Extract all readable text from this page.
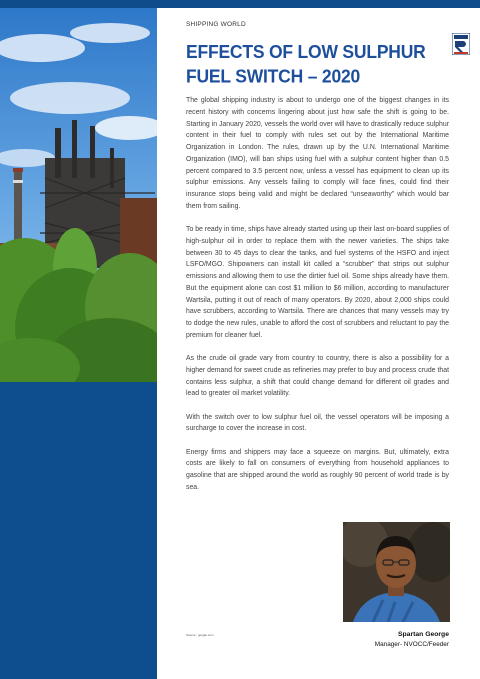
SHIPPING WORLD
EFFECTS OF LOW SULPHUR FUEL SWITCH – 2020

The global shipping industry is about to undergo one of the biggest changes in its recent history with concerns lingering about just how safe the shift is going to be. Starting in January 2020, vessels the world over will have to drastically reduce sulphur content in their fuel to comply with rules set out by the International Maritime Organization in London. The rules, drawn up by the U.N. International Maritime Organization (IMO), will ban ships using fuel with a sulphur content higher than 0.5 percent compared to 3.5 percent now, unless a vessel has equipment to clean up its sulphur emissions. Any vessels failing to comply will face fines, could find their insurance stops being valid and might be declared “unseaworthy” which would bar them from sailing.

To be ready in time, ships have already started using up their last on-board supplies of high-sulphur oil in order to replace them with the newer varieties. The ships take between 30 to 45 days to clear the tanks, and fuel systems of the HSFO and inject LSFO/MGO. Shipowners can install kit called a “scrubber” that strips out sulphur emissions and allowing them to use the dirtier fuel oil. Some ships already have them. But the equipment alone can cost $1 million to $6 million, according to manufacturer Wartsila, putting it out of reach of many operators. By 2020, about 2,000 ships could have scrubbers, according to Wartsila. There are chances that many vessels may try to dodge the new rules, unable to afford the cost of scrubbers and reluctant to pay the premium for cleaner fuel.

As the crude oil grade vary from country to country, there is also a possibility for a higher demand for sweet crude as refineries may prefer to buy and process crude that contains less sulphur, a shift that could change demand for different oil grades and lead to greater oil market volatility.

With the switch over to low sulphur fuel oil, the vessel operators will be imposing a surcharge to cover the increase in cost.

Energy firms and shippers may face a squeeze on margins. But, ultimately, extra costs are likely to fall on consumers of everything from household appliances to gasoline that are shipped around the world as roughly 90 percent of world trade is by sea.

Source : google.com	Spartan George
Manager- NVOCC/Feeder
